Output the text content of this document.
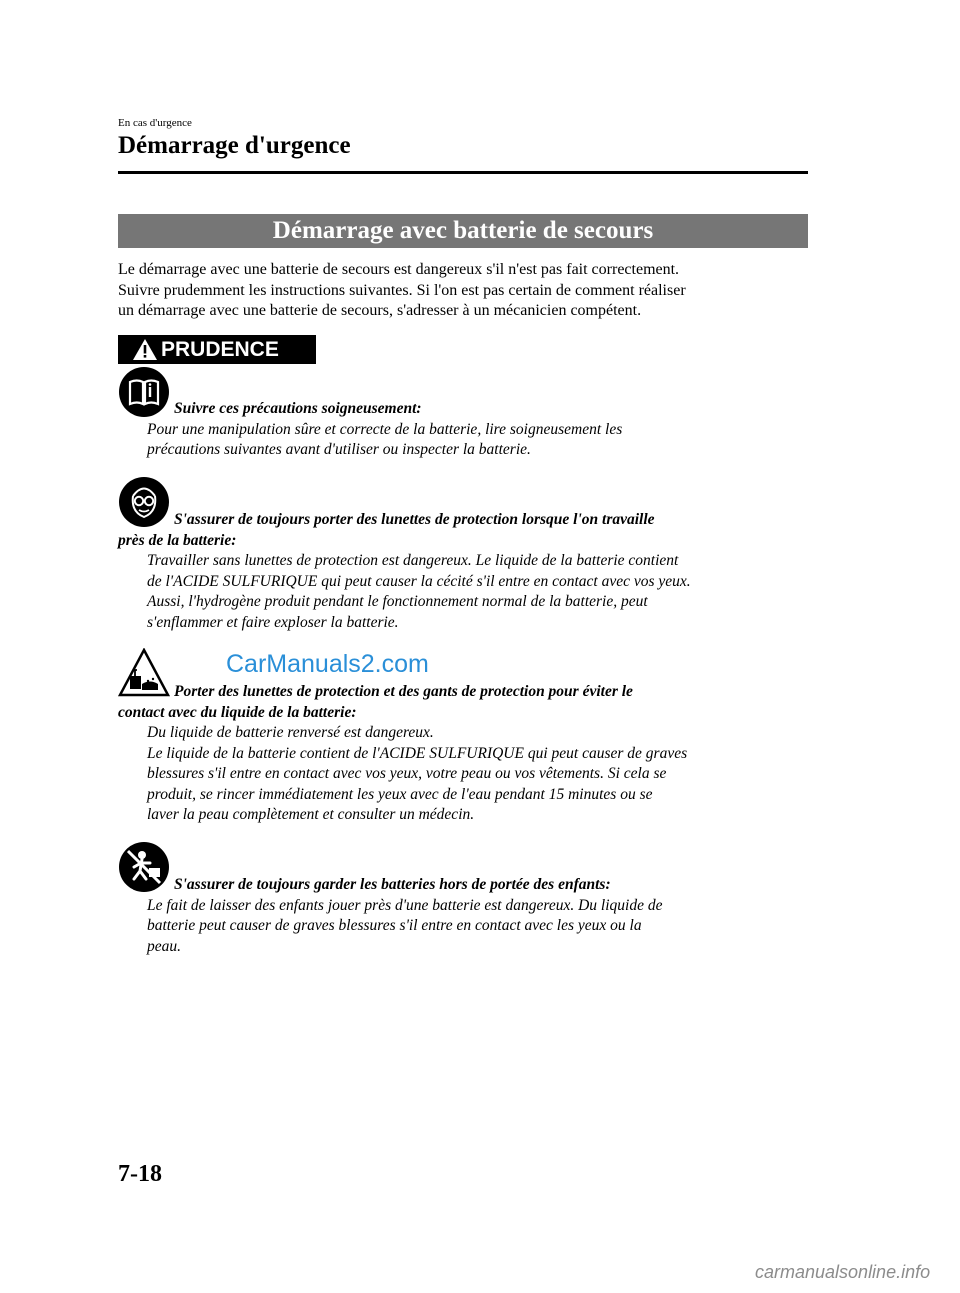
En cas d'urgence
Démarrage d'urgence
Démarrage avec batterie de secours
Le démarrage avec une batterie de secours est dangereux s'il n'est pas fait correctement.
Suivre prudemment les instructions suivantes. Si l'on est pas certain de comment réaliser
un démarrage avec une batterie de secours, s'adresser à un mécanicien compétent.
PRUDENCE
Suivre ces précautions soigneusement:
Pour une manipulation sûre et correcte de la batterie, lire soigneusement les
précautions suivantes avant d'utiliser ou inspecter la batterie.
S'assurer de toujours porter des lunettes de protection lorsque l'on travaille
près de la batterie:
Travailler sans lunettes de protection est dangereux. Le liquide de la batterie contient
de l'ACIDE SULFURIQUE qui peut causer la cécité s'il entre en contact avec vos yeux.
Aussi, l'hydrogène produit pendant le fonctionnement normal de la batterie, peut
s'enflammer et faire exploser la batterie.
CarManuals2.com
Porter des lunettes de protection et des gants de protection pour éviter le
contact avec du liquide de la batterie:
Du liquide de batterie renversé est dangereux.
Le liquide de la batterie contient de l'ACIDE SULFURIQUE qui peut causer de graves
blessures s'il entre en contact avec vos yeux, votre peau ou vos vêtements. Si cela se
produit, se rincer immédiatement les yeux avec de l'eau pendant 15 minutes ou se
laver la peau complètement et consulter un médecin.
S'assurer de toujours garder les batteries hors de portée des enfants:
Le fait de laisser des enfants jouer près d'une batterie est dangereux. Du liquide de
batterie peut causer de graves blessures s'il entre en contact avec les yeux ou la
peau.
7-18
carmanualsonline.info
